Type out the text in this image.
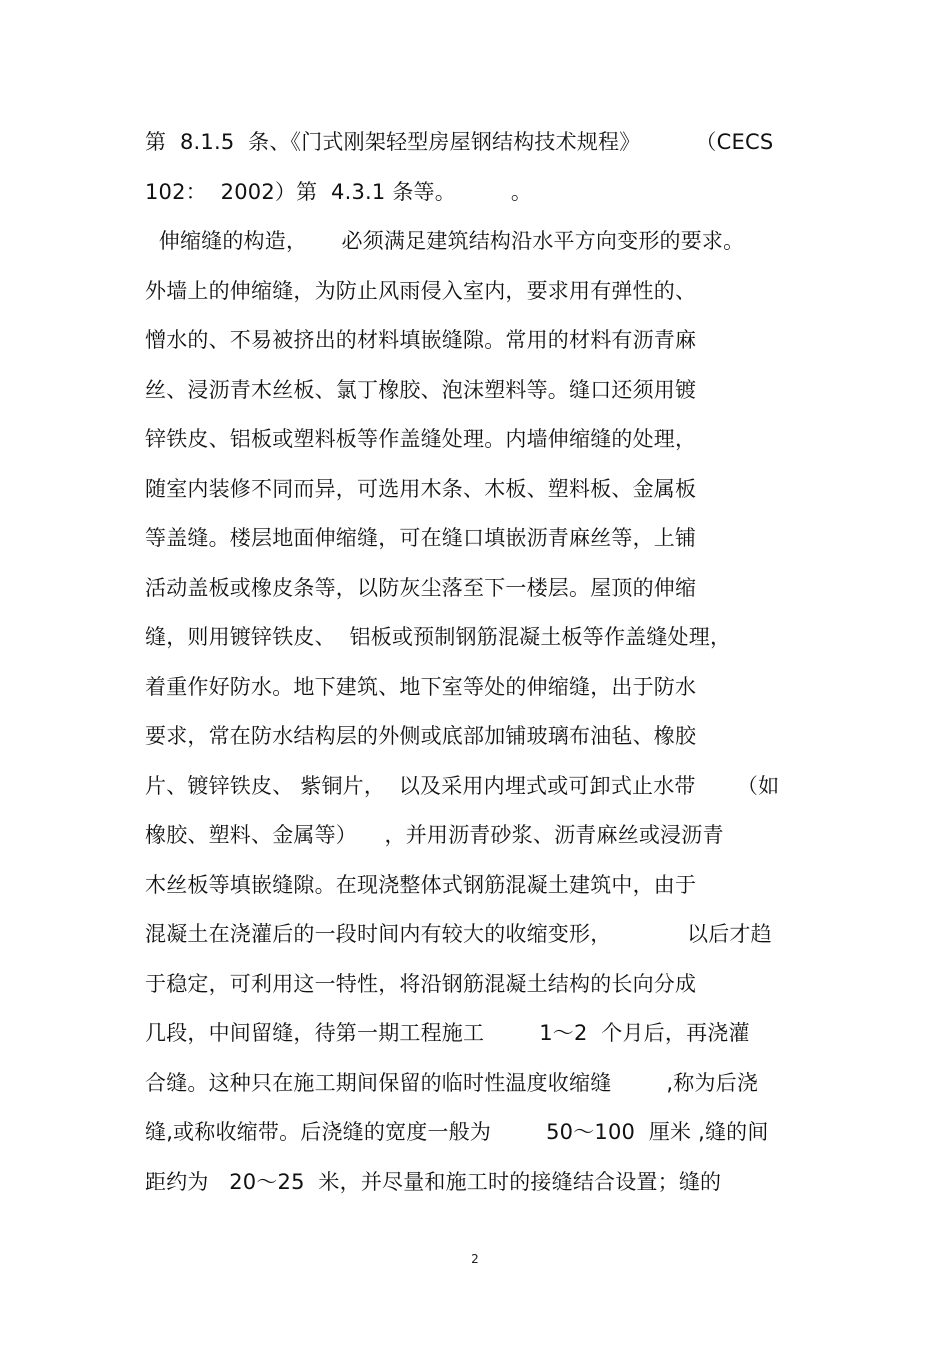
第  8.1.5  条、《门式刚架轻型房屋钢结构技术规程》        （CECS
102：  2002）第  4.3.1 条等。        。
伸缩缝的构造，     必须满足建筑结构沿水平方向变形的要求。
外墙上的伸缩缝，为防止风雨侵入室内，要求用有弹性的、
憎水的、不易被挤出的材料填嵌缝隙。常用的材料有沥青麻
丝、浸沥青木丝板、氯丁橡胶、泡沫塑料等。缝口还须用镀
锌铁皮、铝板或塑料板等作盖缝处理。内墙伸缩缝的处理，
随室内装修不同而异，可选用木条、木板、塑料板、金属板
等盖缝。楼层地面伸缩缝，可在缝口填嵌沥青麻丝等，上铺
活动盖板或橡皮条等，以防灰尘落至下一楼层。屋顶的伸缩
缝，则用镀锌铁皮、  铝板或预制钢筋混凝土板等作盖缝处理，
着重作好防水。地下建筑、地下室等处的伸缩缝，出于防水
要求，常在防水结构层的外侧或底部加铺玻璃布油毡、橡胶
片、镀锌铁皮、 紫铜片，  以及采用内埋式或可卸式止水带      （如
橡胶、塑料、金属等）    ，并用沥青砂浆、沥青麻丝或浸沥青
木丝板等填嵌缝隙。在现浇整体式钢筋混凝土建筑中，由于
混凝土在浇灌后的一段时间内有较大的收缩变形，           以后才趋
于稳定，可利用这一特性，将沿钢筋混凝土结构的长向分成
几段，中间留缝，待第一期工程施工        1～2  个月后，再浇灌
合缝。这种只在施工期间保留的临时性温度收缩缝        ,称为后浇
缝,或称收缩带。后浇缝的宽度一般为        50～100  厘米 ,缝的间
距约为   20～25  米，并尽量和施工时的接缝结合设置；缝的
2
